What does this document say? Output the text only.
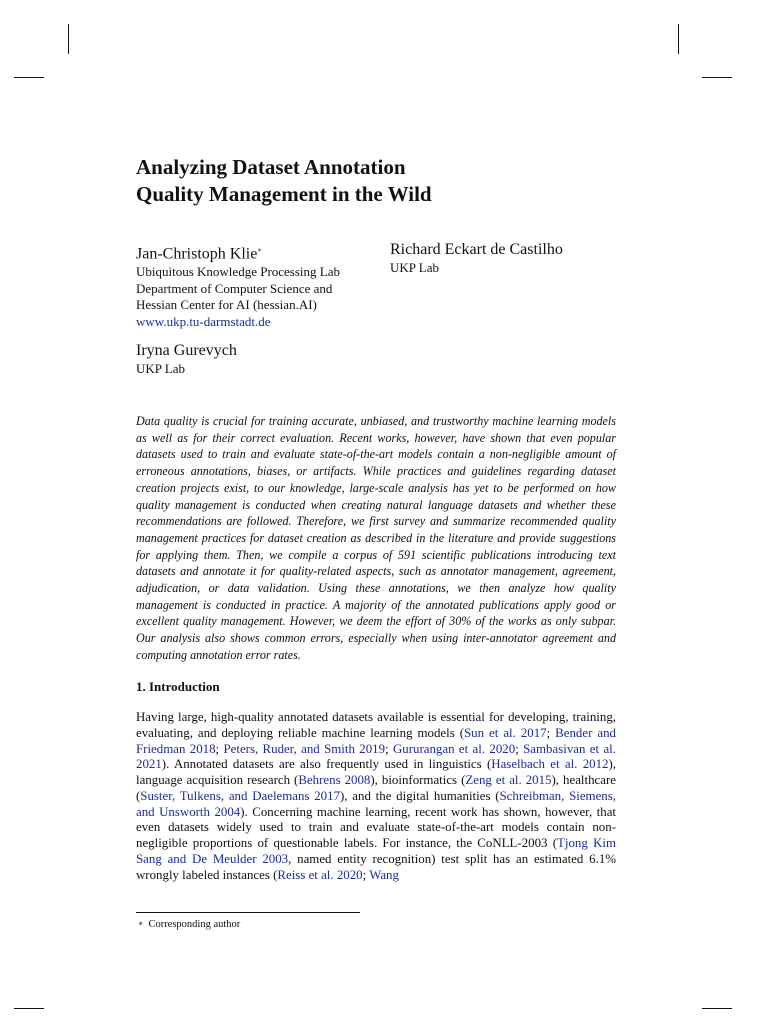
Analyzing Dataset Annotation
Quality Management in the Wild
Jan-Christoph Klie∗
Ubiquitous Knowledge Processing Lab
Department of Computer Science and
Hessian Center for AI (hessian.AI)
www.ukp.tu-darmstadt.de
Richard Eckart de Castilho
UKP Lab
Iryna Gurevych
UKP Lab

Data quality is crucial for training accurate, unbiased, and trustworthy machine learning models as well as for their correct evaluation. Recent works, however, have shown that even popular datasets used to train and evaluate state-of-the-art models contain a non-negligible amount of erroneous annotations, biases, or artifacts. While practices and guidelines regarding dataset creation projects exist, to our knowledge, large-scale analysis has yet to be performed on how quality management is conducted when creating natural language datasets and whether these recommendations are followed. Therefore, we first survey and summarize recommended quality management practices for dataset creation as described in the literature and provide suggestions for applying them. Then, we compile a corpus of 591 scientific publications introducing text datasets and annotate it for quality-related aspects, such as annotator management, agreement, adjudication, or data validation. Using these annotations, we then analyze how quality management is conducted in practice. A majority of the annotated publications apply good or excellent quality management. However, we deem the effort of 30% of the works as only subpar. Our analysis also shows common errors, especially when using inter-annotator agreement and computing annotation error rates.

1. Introduction

Having large, high-quality annotated datasets available is essential for developing, training, evaluating, and deploying reliable machine learning models (Sun et al. 2017; Bender and Friedman 2018; Peters, Ruder, and Smith 2019; Gururangan et al. 2020; Sambasivan et al. 2021). Annotated datasets are also frequently used in linguistics (Haselbach et al. 2012), language acquisition research (Behrens 2008), bioinformatics (Zeng et al. 2015), healthcare (Suster, Tulkens, and Daelemans 2017), and the digital humanities (Schreibman, Siemens, and Unsworth 2004). Concerning machine learning, recent work has shown, however, that even datasets widely used to train and evaluate state-of-the-art models contain non-negligible proportions of questionable labels. For instance, the CoNLL-2003 (Tjong Kim Sang and De Meulder 2003, named entity recognition) test split has an estimated 6.1% wrongly labeled instances (Reiss et al. 2020; Wang

∗ Corresponding author
